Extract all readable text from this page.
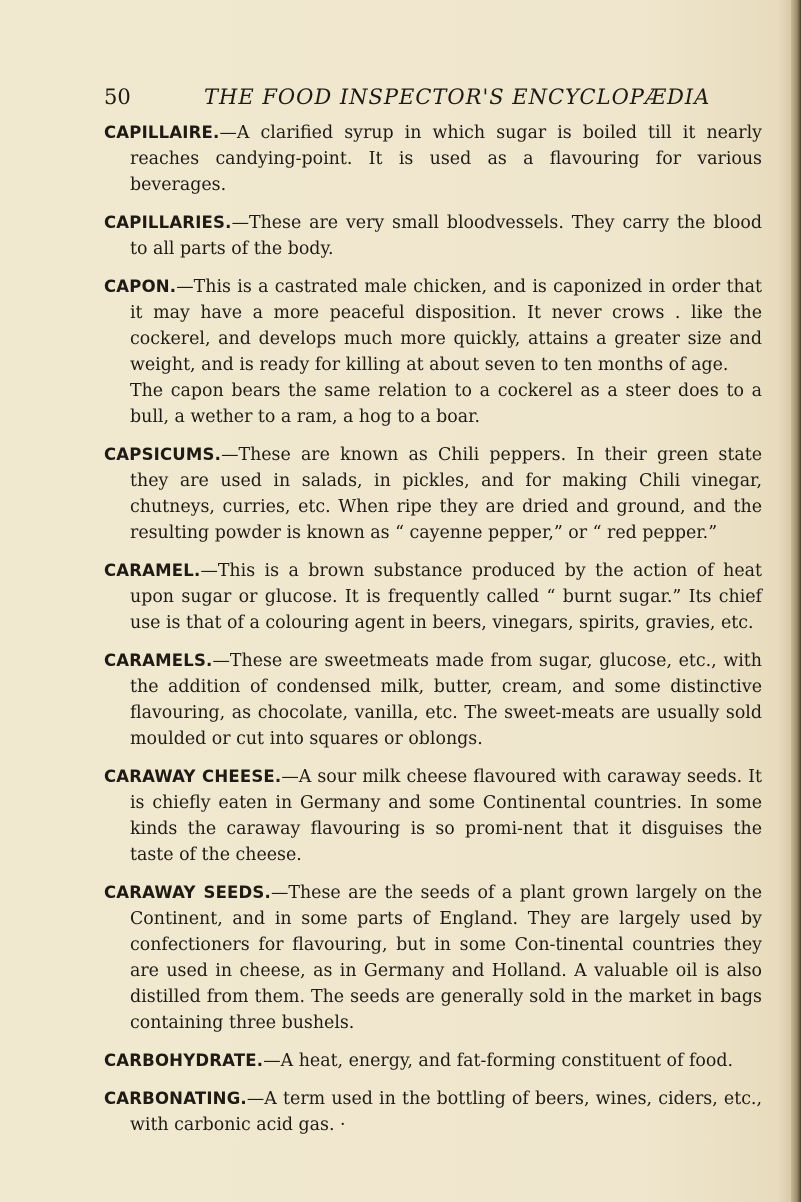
50	THE FOOD INSPECTOR'S ENCYCLOPÆDIA

CAPILLAIRE.—A clarified syrup in which sugar is boiled till it nearly reaches candying-point. It is used as a flavouring for various beverages.

CAPILLARIES.—These are very small bloodvessels. They carry the blood to all parts of the body.

CAPON.—This is a castrated male chicken, and is caponized in order that it may have a more peaceful disposition. It never crows . like the cockerel, and develops much more quickly, attains a greater size and weight, and is ready for killing at about seven to ten months of age.

The capon bears the same relation to a cockerel as a steer does to a bull, a wether to a ram, a hog to a boar.

CAPSICUMS.—These are known as Chili peppers. In their green state they are used in salads, in pickles, and for making Chili vinegar, chutneys, curries, etc. When ripe they are dried and ground, and the resulting powder is known as “ cayenne pepper,” or “ red pepper.”

CARAMEL.—This is a brown substance produced by the action of heat upon sugar or glucose. It is frequently called “ burnt sugar.” Its chief use is that of a colouring agent in beers, vinegars, spirits, gravies, etc.

CARAMELS.—These are sweetmeats made from sugar, glucose, etc., with the addition of condensed milk, butter, cream, and some distinctive flavouring, as chocolate, vanilla, etc. The sweet-meats are usually sold moulded or cut into squares or oblongs.

CARAWAY CHEESE.—A sour milk cheese flavoured with caraway seeds. It is chiefly eaten in Germany and some Continental countries. In some kinds the caraway flavouring is so promi-nent that it disguises the taste of the cheese.

CARAWAY SEEDS.—These are the seeds of a plant grown largely on the Continent, and in some parts of England. They are largely used by confectioners for flavouring, but in some Con-tinental countries they are used in cheese, as in Germany and Holland. A valuable oil is also distilled from them. The seeds are generally sold in the market in bags containing three bushels.

CARBOHYDRATE.—A heat, energy, and fat-forming constituent of food.

CARBONATING.—A term used in the bottling of beers, wines, ciders, etc., with carbonic acid gas. ·
